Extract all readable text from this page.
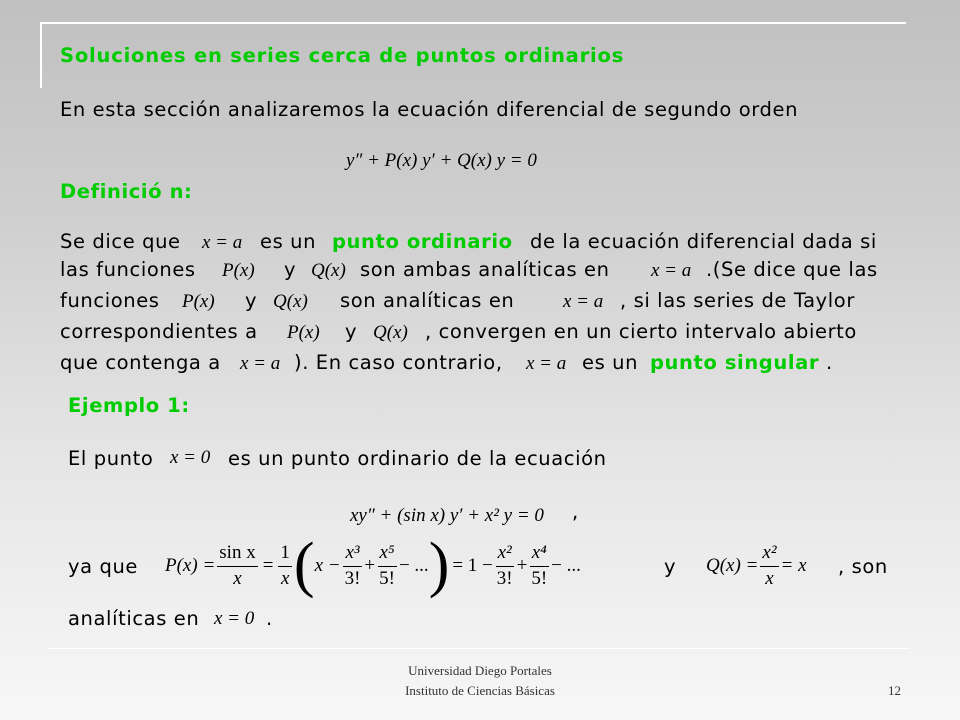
Soluciones en series cerca de puntos ordinarios
En esta sección analizaremos la ecuación diferencial de segundo orden
y″ + P(x) y′ + Q(x) y = 0
Definició n:
Se dice que x = a es un punto ordinario de la ecuación diferencial dada si
las funciones P(x) y Q(x) son ambas analíticas en x = a .(Se dice que las
funciones P(x) y Q(x) son analíticas en	x = a , si las series de Taylor
correspondientes a P(x) y Q(x) , convergen en un cierto intervalo abierto
que contenga a x = a ). En caso contrario, x = a es un punto singular .
Ejemplo 1:
El punto x = 0 es un punto ordinario de la ecuación
xy″ + (sin x) y′ + x² y = 0 ,
ya que $P(x) = \frac{\text{sin x}}{x} = \frac{1}{x}$ ( $x - \frac{\text{x³}}{3!} + \frac{\text{x⁵}}{5!}$ − ... ) = $1 - \frac{\text{x²}}{3!} + \frac{\text{x⁴}}{5!}$ − ...	y $Q(x) = \frac{\text{x²}}{x} = x$ , son
analíticas en x = 0 .
Universidad Diego Portales
Instituto de Ciencias Básicas	12
